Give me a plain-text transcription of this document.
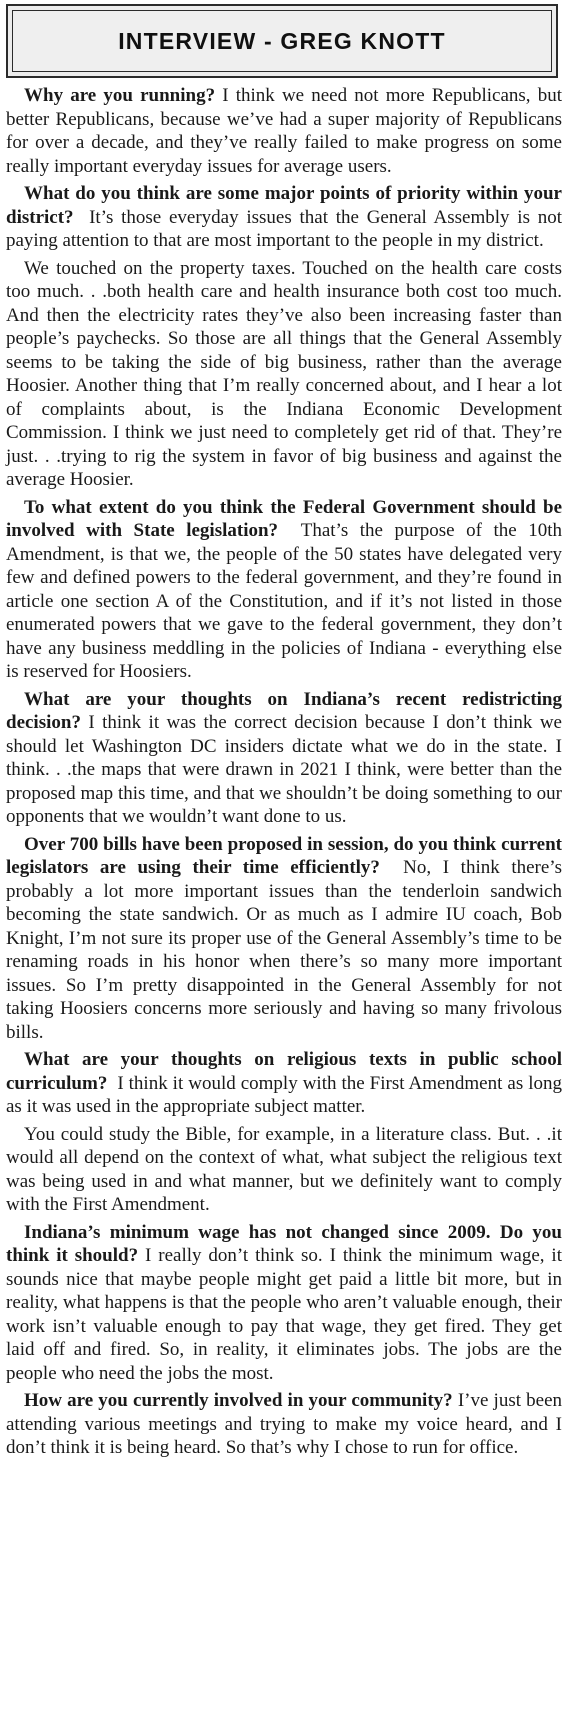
INTERVIEW - GREG KNOTT

Why are you running? I think we need not more Republicans, but better Republicans, because we’ve had a super majority of Republicans for over a decade, and they’ve really failed to make progress on some really important everyday issues for average users.

What do you think are some major points of priority within your district? It’s those everyday issues that the General Assembly is not paying attention to that are most important to the people in my district.

We touched on the property taxes. Touched on the health care costs too much. . .both health care and health insurance both cost too much. And then the electricity rates they’ve also been increasing faster than people’s paychecks. So those are all things that the General Assembly seems to be taking the side of big business, rather than the average Hoosier. Another thing that I’m really concerned about, and I hear a lot of complaints about, is the Indiana Economic Development Commission. I think we just need to completely get rid of that. They’re just. . .trying to rig the system in favor of big business and against the average Hoosier.

To what extent do you think the Federal Government should be involved with State legislation? That’s the purpose of the 10th Amendment, is that we, the people of the 50 states have delegated very few and defined powers to the federal government, and they’re found in article one section A of the Constitution, and if it’s not listed in those enumerated powers that we gave to the federal government, they don’t have any business meddling in the policies of Indiana - everything else is reserved for Hoosiers.

What are your thoughts on Indiana’s recent redistricting decision? I think it was the correct decision because I don’t think we should let Washington DC insiders dictate what we do in the state. I think. . .the maps that were drawn in 2021 I think, were better than the proposed map this time, and that we shouldn’t be doing something to our opponents that we wouldn’t want done to us.

Over 700 bills have been proposed in session, do you think current legislators are using their time efficiently? No, I think there’s probably a lot more important issues than the tenderloin sandwich becoming the state sandwich. Or as much as I admire IU coach, Bob Knight, I’m not sure its proper use of the General Assembly’s time to be renaming roads in his honor when there’s so many more important issues. So I’m pretty disappointed in the General Assembly for not taking Hoosiers concerns more seriously and having so many frivolous bills.

What are your thoughts on religious texts in public school curriculum? I think it would comply with the First Amendment as long as it was used in the appropriate subject matter.

You could study the Bible, for example, in a literature class. But. . .it would all depend on the context of what, what subject the religious text was being used in and what manner, but we definitely want to comply with the First Amendment.

Indiana’s minimum wage has not changed since 2009. Do you think it should? I really don’t think so. I think the minimum wage, it sounds nice that maybe people might get paid a little bit more, but in reality, what happens is that the people who aren’t valuable enough, their work isn’t valuable enough to pay that wage, they get fired. They get laid off and fired. So, in reality, it eliminates jobs. The jobs are the people who need the jobs the most.

How are you currently involved in your community? I’ve just been attending various meetings and trying to make my voice heard, and I don’t think it is being heard. So that’s why I chose to run for office.
